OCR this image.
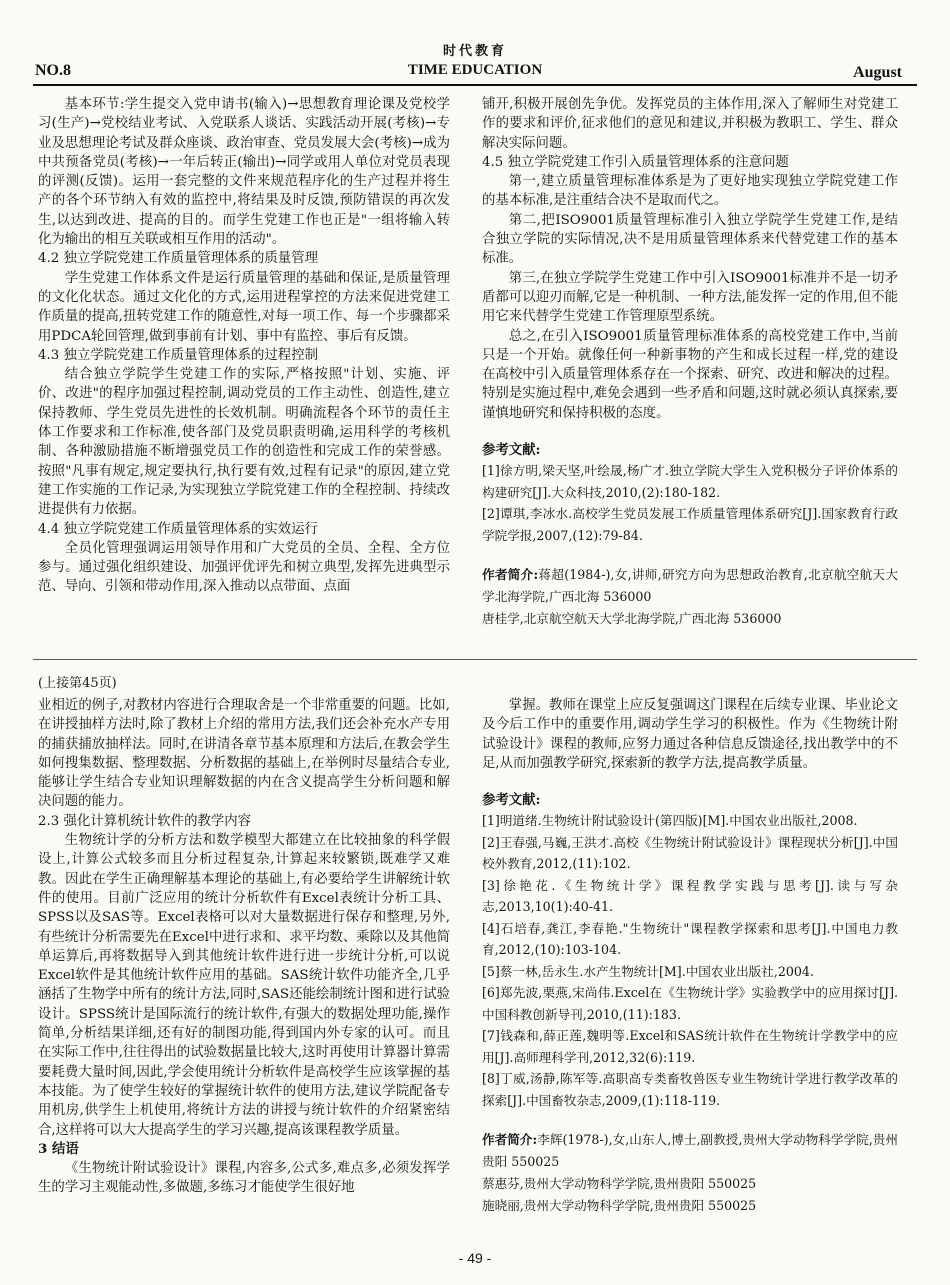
时代教育
NO.8	TIME EDUCATION	August

基本环节:学生提交入党申请书(输入)→思想教育理论课及党校学习(生产)→党校结业考试、入党联系人谈话、实践活动开展(考核)→专业及思想理论考试及群众座谈、政治审查、党员发展大会(考核)→成为中共预备党员(考核)→一年后转正(输出)→同学或用人单位对党员表现的评测(反馈)。运用一套完整的文件来规范程序化的生产过程并将生产的各个环节纳入有效的监控中,将结果及时反馈,预防错误的再次发生,以达到改进、提高的目的。而学生党建工作也正是"一组将输入转化为输出的相互关联或相互作用的活动"。

4.2 独立学院党建工作质量管理体系的质量管理

学生党建工作体系文件是运行质量管理的基础和保证,是质量管理的文化化状态。通过文化化的方式,运用进程掌控的方法来促进党建工作质量的提高,扭转党建工作的随意性,对每一项工作、每一个步骤都采用PDCA轮回管理,做到事前有计划、事中有监控、事后有反馈。

4.3 独立学院党建工作质量管理体系的过程控制

结合独立学院学生党建工作的实际,严格按照"计划、实施、评价、改进"的程序加强过程控制,调动党员的工作主动性、创造性,建立保持教师、学生党员先进性的长效机制。明确流程各个环节的责任主体工作要求和工作标准,使各部门及党员职责明确,运用科学的考核机制、各种激励措施不断增强党员工作的创造性和完成工作的荣誉感。按照"凡事有规定,规定要执行,执行要有效,过程有记录"的原因,建立党建工作实施的工作记录,为实现独立学院党建工作的全程控制、持续改进提供有力依据。

4.4 独立学院党建工作质量管理体系的实效运行

全员化管理强调运用领导作用和广大党员的全员、全程、全方位参与。通过强化组织建设、加强评优评先和树立典型,发挥先进典型示范、导向、引领和带动作用,深入推动以点带面、点面

铺开,积极开展创先争优。发挥党员的主体作用,深入了解师生对党建工作的要求和评价,征求他们的意见和建议,并积极为教职工、学生、群众解决实际问题。

4.5 独立学院党建工作引入质量管理体系的注意问题

第一,建立质量管理标准体系是为了更好地实现独立学院党建工作的基本标准,是注重结合决不是取而代之。

第二,把ISO9001质量管理标准引入独立学院学生党建工作,是结合独立学院的实际情况,决不是用质量管理体系来代替党建工作的基本标准。

第三,在独立学院学生党建工作中引入ISO9001标准并不是一切矛盾都可以迎刃而解,它是一种机制、一种方法,能发挥一定的作用,但不能用它来代替学生党建工作管理原型系统。

总之,在引入ISO9001质量管理标准体系的高校党建工作中,当前只是一个开始。就像任何一种新事物的产生和成长过程一样,党的建设在高校中引入质量管理体系存在一个探索、研究、改进和解决的过程。特别是实施过程中,难免会遇到一些矛盾和问题,这时就必须认真探索,要谨慎地研究和保持积极的态度。

参考文献:

[1]徐方明,梁天坚,叶绘晟,杨广才.独立学院大学生入党积极分子评价体系的构建研究[J].大众科技,2010,(2):180-182.

[2]谭琪,李冰水.高校学生党员发展工作质量管理体系研究[J].国家教育行政学院学报,2007,(12):79-84.

作者简介:蒋超(1984-),女,讲师,研究方向为思想政治教育,北京航空航天大学北海学院,广西北海 536000

唐桂学,北京航空航天大学北海学院,广西北海 536000

(上接第45页)

业相近的例子,对教材内容进行合理取舍是一个非常重要的问题。比如,在讲授抽样方法时,除了教材上介绍的常用方法,我们还会补充水产专用的捕获捕放抽样法。同时,在讲清各章节基本原理和方法后,在教会学生如何搜集数据、整理数据、分析数据的基础上,在举例时尽量结合专业,能够让学生结合专业知识理解数据的内在含义提高学生分析问题和解决问题的能力。

2.3 强化计算机统计软件的教学内容

生物统计学的分析方法和数学模型大都建立在比较抽象的科学假设上,计算公式较多而且分析过程复杂,计算起来较繁锁,既难学又难教。因此在学生正确理解基本理论的基础上,有必要给学生讲解统计软件的使用。目前广泛应用的统计分析软件有Excel表统计分析工具、SPSS以及SAS等。Excel表格可以对大量数据进行保存和整理,另外,有些统计分析需要先在Excel中进行求和、求平均数、乘除以及其他简单运算后,再将数据导入到其他统计软件进行进一步统计分析,可以说Excel软件是其他统计软件应用的基础。SAS统计软件功能齐全,几乎涵括了生物学中所有的统计方法,同时,SAS还能绘制统计图和进行试验设计。SPSS统计是国际流行的统计软件,有强大的数据处理功能,操作简单,分析结果详细,还有好的制图功能,得到国内外专家的认可。而且在实际工作中,往往得出的试验数据量比较大,这时再使用计算器计算需要耗费大量时间,因此,学会使用统计分析软件是高校学生应该掌握的基本技能。为了使学生较好的掌握统计软件的使用方法,建议学院配备专用机房,供学生上机使用,将统计方法的讲授与统计软件的介绍紧密结合,这样将可以大大提高学生的学习兴趣,提高该课程教学质量。

3 结语

《生物统计附试验设计》课程,内容多,公式多,难点多,必须发挥学生的学习主观能动性,多做题,多练习才能使学生很好地

掌握。教师在课堂上应反复强调这门课程在后续专业课、毕业论文及今后工作中的重要作用,调动学生学习的积极性。作为《生物统计附试验设计》课程的教师,应努力通过各种信息反馈途径,找出教学中的不足,从而加强教学研究,探索新的教学方法,提高教学质量。

参考文献:

[1]明道绪.生物统计附试验设计(第四版)[M].中国农业出版社,2008.

[2]王春强,马巍,王洪才.高校《生物统计附试验设计》课程现状分析[J].中国校外教育,2012,(11):102.

[3]徐艳花.《生物统计学》课程教学实践与思考[J].读与写杂志,2013,10(1):40-41.

[4]石培春,龚江,李春艳."生物统计"课程教学探索和思考[J].中国电力教育,2012,(10):103-104.

[5]蔡一林,岳永生.水产生物统计[M].中国农业出版社,2004.

[6]郑先波,栗燕,宋尚伟.Excel在《生物统计学》实验教学中的应用探讨[J].中国科教创新导刊,2010,(11):183.

[7]钱森和,薛正莲,魏明等.Excel和SAS统计软件在生物统计学教学中的应用[J].高师理科学刊,2012,32(6):119.

[8]丁威,汤静,陈军等.高职高专类畜牧兽医专业生物统计学进行教学改革的探索[J].中国畜牧杂志,2009,(1):118-119.

作者简介:李辉(1978-),女,山东人,博士,副教授,贵州大学动物科学学院,贵州贵阳 550025

蔡惠芬,贵州大学动物科学学院,贵州贵阳 550025

施晓丽,贵州大学动物科学学院,贵州贵阳 550025

- 49 -
